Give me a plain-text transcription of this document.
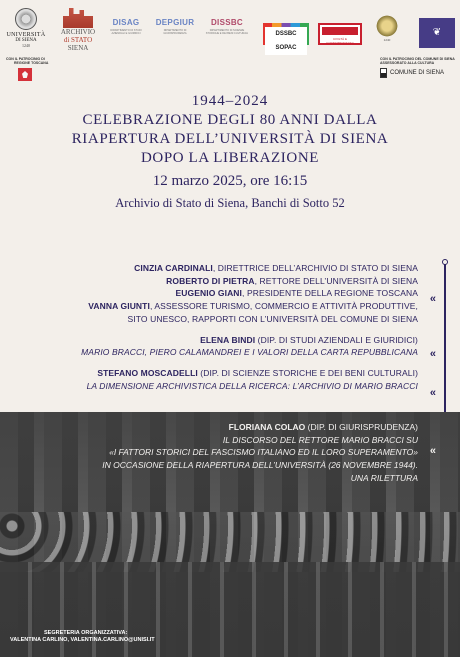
UNIVERSITÀ
DI SIENA
1240
ARCHIVIO
di STATO
SIENA
DISAG
DIPARTIMENTO DI STUDI AZIENDALI E GIURIDICI
DEPGIUR
DIPARTIMENTO DI GIURISPRUDENZA
DISSBC
DIPARTIMENTO DI SCIENZE STORICHE E DEI BENI CULTURALI	DSSBC SOPAC
CIVILTÀ E CONTEMPORANEA
1240
❦
CON IL PATROCINIO DI
REGIONE TOSCANA
CON IL PATROCINIO DEL COMUNE DI SIENA ASSESSORATO ALLA CULTURA
COMUNE DI SIENA
1944–2024
CELEBRAZIONE DEGLI 80 ANNI DALLA
RIAPERTURA DELL’UNIVERSITÀ DI SIENA
DOPO LA LIBERAZIONE
12 marzo 2025, ore 16:15
Archivio di Stato di Siena, Banchi di Sotto 52
CINZIA CARDINALI, DIRETTRICE DELL’ARCHIVIO DI STATO DI SIENA
ROBERTO DI PIETRA, RETTORE DELL’UNIVERSITÀ DI SIENA
EUGENIO GIANI, PRESIDENTE DELLA REGIONE TOSCANA
VANNA GIUNTI, ASSESSORE TURISMO, COMMERCIO E ATTIVITÀ PRODUTTIVE,
SITO UNESCO, RAPPORTI CON L’UNIVERSITÀ DEL COMUNE DI SIENA
ELENA BINDI (DIP. DI STUDI AZIENDALI E GIURIDICI)
MARIO BRACCI, PIERO CALAMANDREI E I VALORI DELLA CARTA REPUBBLICANA
STEFANO MOSCADELLI (DIP. DI SCIENZE STORICHE E DEI BENI CULTURALI)
LA DIMENSIONE ARCHIVISTICA DELLA RICERCA: L’ARCHIVIO DI MARIO BRACCI
«
«
«
FLORIANA COLAO (DIP. DI GIURISPRUDENZA)
IL DISCORSO DEL RETTORE MARIO BRACCI SU
«I FATTORI STORICI DEL FASCISMO ITALIANO ED IL LORO SUPERAMENTO»
IN OCCASIONE DELLA RIAPERTURA DELL’UNIVERSITÀ (26 NOVEMBRE 1944).
UNA RILETTURA
«
SEGRETERIA ORGANIZZATIVA:
VALENTINA CARLINO, VALENTINA.CARLINO@UNISI.IT
